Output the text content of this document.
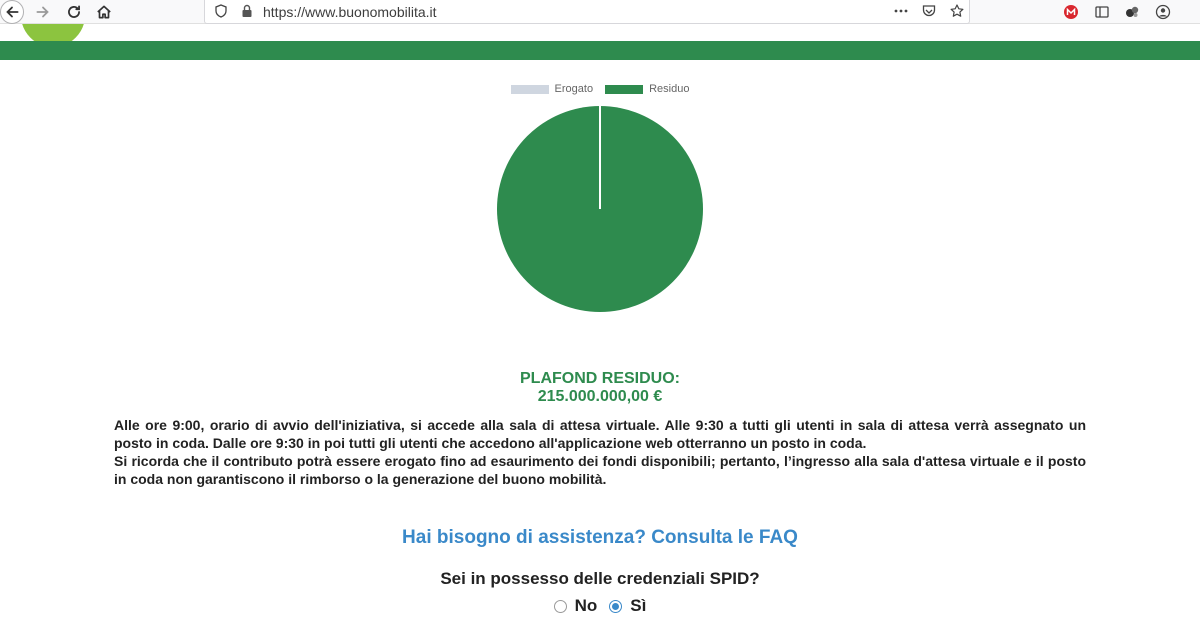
https://www.buonomobilita.it
Erogato	Residuo
PLAFOND RESIDUO:
215.000.000,00 €

Alle ore 9:00, orario di avvio dell'iniziativa, si accede alla sala di attesa virtuale. Alle 9:30 a tutti gli utenti in sala di attesa verrà assegnato un posto in coda. Dalle ore 9:30 in poi tutti gli utenti che accedono all'applicazione web otterranno un posto in coda.

Si ricorda che il contributo potrà essere erogato fino ad esaurimento dei fondi disponibili; pertanto, l’ingresso alla sala d'attesa virtuale e il posto in coda non garantiscono il rimborso o la generazione del buono mobilità.

Hai bisogno di assistenza? Consulta le FAQ
Sei in possesso delle credenziali SPID?
No Sì
